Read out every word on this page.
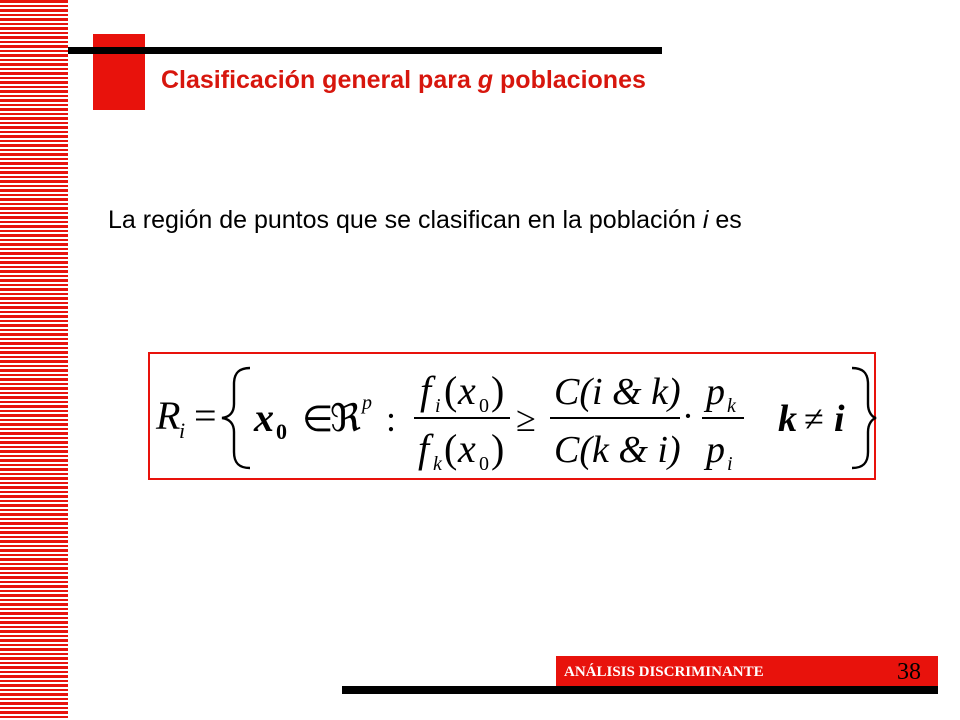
Clasificación general para g poblaciones
La región de puntos que se clasifican en la población i es
R
i = x 0 ∈
ℜ p :
f i ( x 0 )
f k ( x 0 )
≥
C(i & k)
C(k & i)
·
p k
p i
k ≠ i
ANÁLISIS DISCRIMINANTE	38
